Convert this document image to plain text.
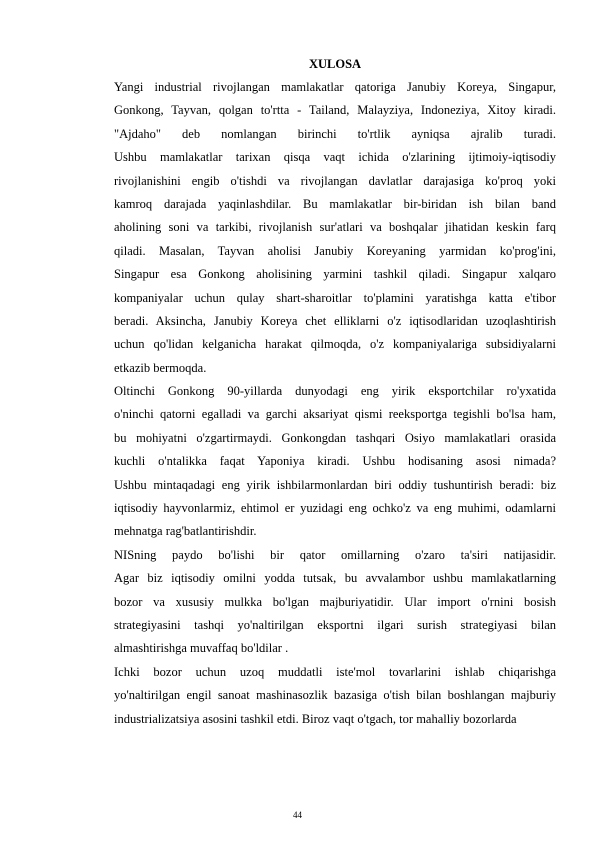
XULOSA
Yangi industrial rivojlangan mamlakatlar qatoriga Janubiy Koreya, Singapur,
Gonkong, Tayvan, qolgan to'rtta - Tailand, Malayziya, Indoneziya, Xitoy kiradi.
"Ajdaho" deb nomlangan birinchi to'rtlik ayniqsa ajralib turadi.
Ushbu mamlakatlar tarixan qisqa vaqt ichida o'zlarining ijtimoiy-iqtisodiy
rivojlanishini engib o'tishdi va rivojlangan davlatlar darajasiga ko'proq yoki
kamroq darajada yaqinlashdilar. Bu mamlakatlar bir-biridan ish bilan band
aholining soni va tarkibi, rivojlanish sur'atlari va boshqalar jihatidan keskin farq
qiladi. Masalan, Tayvan aholisi Janubiy Koreyaning yarmidan ko'prog'ini,
Singapur esa Gonkong aholisining yarmini tashkil qiladi. Singapur xalqaro
kompaniyalar uchun qulay shart-sharoitlar to'plamini yaratishga katta e'tibor
beradi. Aksincha, Janubiy Koreya chet elliklarni o'z iqtisodlaridan uzoqlashtirish
uchun qo'lidan kelganicha harakat qilmoqda, o'z kompaniyalariga subsidiyalarni
etkazib bermoqda.
Oltinchi Gonkong 90-yillarda dunyodagi eng yirik eksportchilar ro'yxatida
o'ninchi qatorni egalladi va garchi aksariyat qismi reeksportga tegishli bo'lsa ham,
bu mohiyatni o'zgartirmaydi. Gonkongdan tashqari Osiyo mamlakatlari orasida
kuchli o'ntalikka faqat Yaponiya kiradi. Ushbu hodisaning asosi nimada?
Ushbu mintaqadagi eng yirik ishbilarmonlardan biri oddiy tushuntirish beradi: biz
iqtisodiy hayvonlarmiz, ehtimol er yuzidagi eng ochko'z va eng muhimi, odamlarni
mehnatga rag'batlantirishdir.
NISning paydo bo'lishi bir qator omillarning o'zaro ta'siri natijasidir.
Agar biz iqtisodiy omilni yodda tutsak, bu avvalambor ushbu mamlakatlarning
bozor va xususiy mulkka bo'lgan majburiyatidir. Ular import o'rnini bosish
strategiyasini tashqi yo'naltirilgan eksportni ilgari surish strategiyasi bilan
almashtirishga muvaffaq bo'ldilar .
Ichki bozor uchun uzoq muddatli iste'mol tovarlarini ishlab chiqarishga
yo'naltirilgan engil sanoat mashinasozlik bazasiga o'tish bilan boshlangan majburiy
industrializatsiya asosini tashkil etdi. Biroz vaqt o'tgach, tor mahalliy bozorlarda
44
